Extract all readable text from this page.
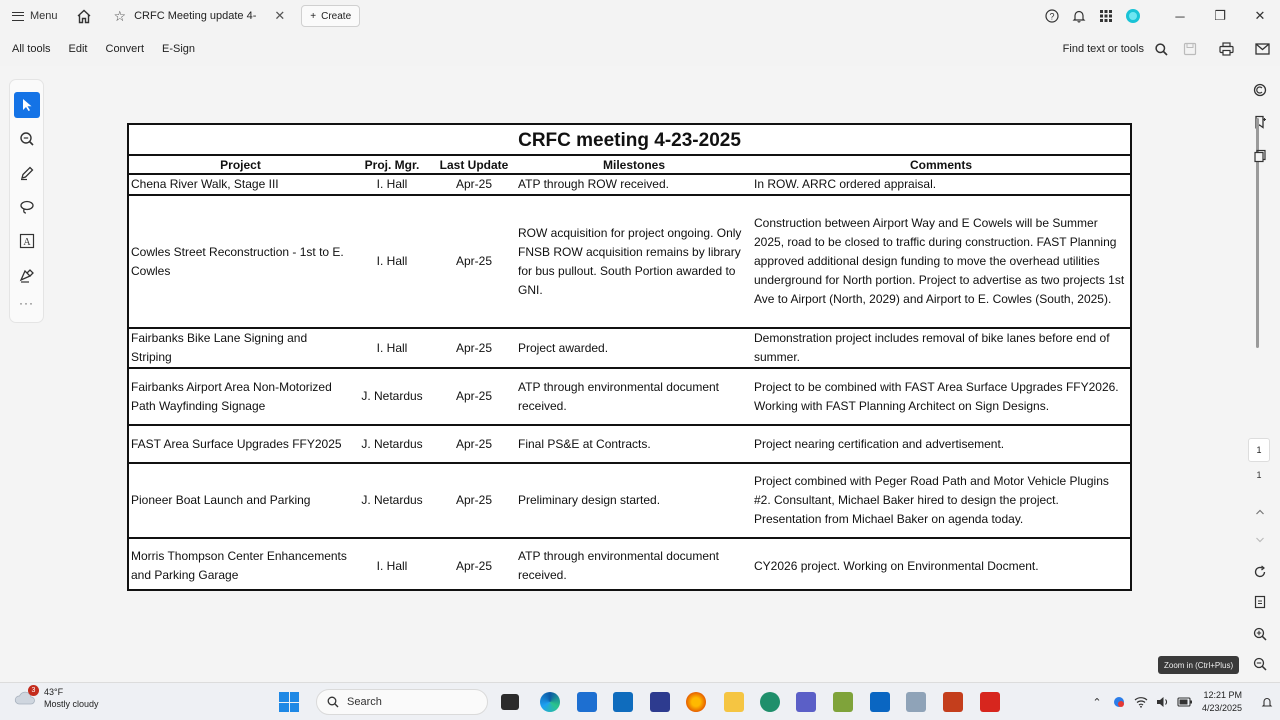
Menu	☆ CRFC Meeting update 4- ✕	+ Create	?	─	❐	✕
All tools	Edit	Convert	E-Sign	Find text or tools
A
···
CRFC meeting 4-23-2025
Project	Proj. Mgr.	Last Update	Milestones	Comments
Chena River Walk, Stage III	I. Hall	Apr-25	ATP through ROW received.	In ROW. ARRC ordered appraisal.
Cowles Street Reconstruction - 1st to E. Cowles	I. Hall	Apr-25	ROW acquisition for project ongoing. Only FNSB ROW acquisition remains by library for bus pullout. South Portion awarded to GNI.	Construction between Airport Way and E Cowels will be Summer 2025, road to be closed to traffic during construction. FAST Planning approved additional design funding to move the overhead utilities underground for North portion. Project to advertise as two projects 1st Ave to Airport (North, 2029) and Airport to E. Cowles (South, 2025).
Fairbanks Bike Lane Signing and Striping	I. Hall	Apr-25	Project awarded.	Demonstration project includes removal of bike lanes before end of summer.
Fairbanks Airport Area Non-Motorized Path Wayfinding Signage	J. Netardus	Apr-25	ATP through environmental document received.	Project to be combined with FAST Area Surface Upgrades FFY2026. Working with FAST Planning Architect on Sign Designs.
FAST Area Surface Upgrades FFY2025	J. Netardus	Apr-25	Final PS&E at Contracts.	Project nearing certification and advertisement.
Pioneer Boat Launch and Parking	J. Netardus	Apr-25	Preliminary design started.	Project combined with Peger Road Path and Motor Vehicle Plugins #2. Consultant, Michael Baker hired to design the project. Presentation from Michael Baker on agenda today.
Morris Thompson Center Enhancements and Parking Garage	I. Hall	Apr-25	ATP through environmental document received.	CY2026 project. Working on Environmental Docment.
1
1
Zoom in (Ctrl+Plus)
43°F
Mostly cloudy
3
Search	⌃
12:21 PM
4/23/2025
